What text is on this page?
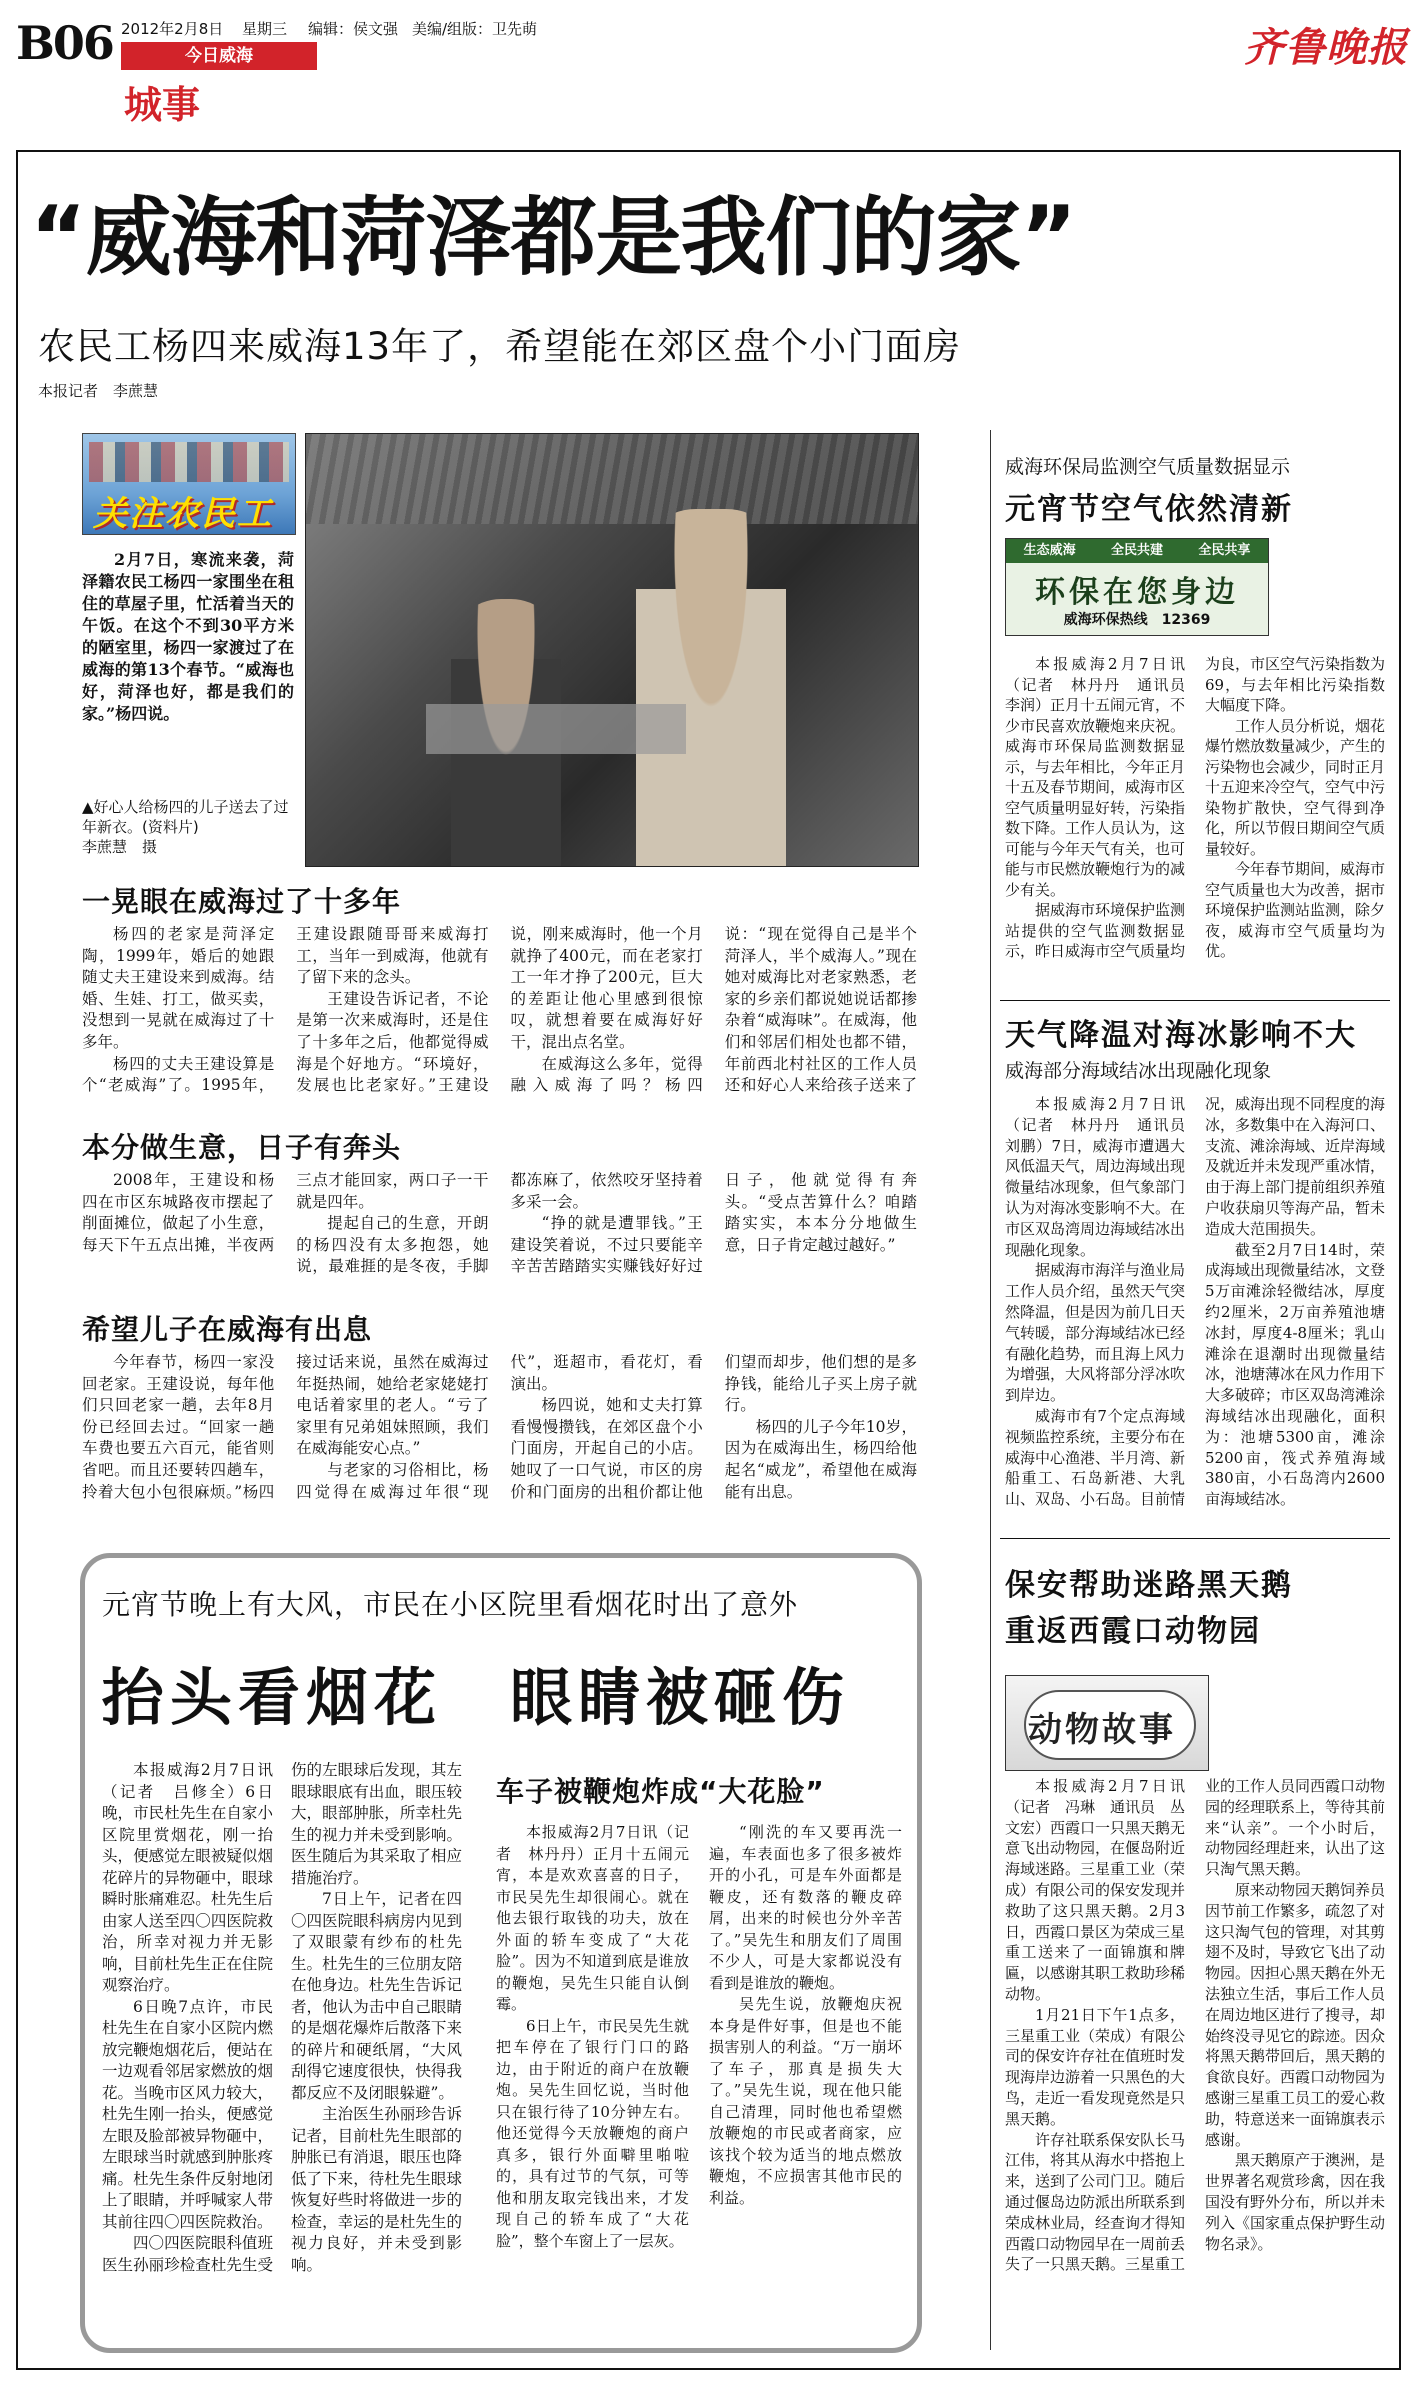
B06 2012年2月8日 星期三 编辑：侯文强 美编/组版：卫先萌
今日威海
城事
齐鲁晚报
“威海和菏泽都是我们的家”
农民工杨四来威海13年了，希望能在郊区盘个小门面房
本报记者　李蔗慧
关注农民工

2月7日，寒流来袭，菏泽籍农民工杨四一家围坐在租住的草屋子里，忙活着当天的午饭。在这个不到30平方米的陋室里，杨四一家渡过了在威海的第13个春节。“威海也好，菏泽也好，都是我们的家。”杨四说。

▲好心人给杨四的儿子送去了过年新衣。(资料片)

李蔗慧　摄

一晃眼在威海过了十多年

杨四的老家是菏泽定陶，1999年，婚后的她跟随丈夫王建设来到威海。结婚、生娃、打工，做买卖，没想到一晃就在威海过了十多年。

杨四的丈夫王建设算是个“老威海”了。1995年，王建设跟随哥哥来威海打工，当年一到威海，他就有了留下来的念头。

王建设告诉记者，不论是第一次来威海时，还是住了十多年之后，他都觉得威海是个好地方。“环境好，发展也比老家好。”王建设说，刚来威海时，他一个月就挣了400元，而在老家打工一年才挣了200元，巨大的差距让他心里感到很惊叹，就想着要在威海好好干，混出点名堂。

在威海这么多年，觉得融入威海了吗？杨四说：“现在觉得自己是半个菏泽人，半个威海人。”现在她对威海比对老家熟悉，老家的乡亲们都说她说话都掺杂着“威海味”。在威海，他们和邻居们相处也都不错，年前西北村社区的工作人员还和好心人来给孩子送来了

本分做生意，日子有奔头

2008年，王建设和杨四在市区东城路夜市摆起了削面摊位，做起了小生意，每天下午五点出摊，半夜两三点才能回家，两口子一干就是四年。

提起自己的生意，开朗的杨四没有太多抱怨，她说，最难捱的是冬夜，手脚都冻麻了，依然咬牙坚持着多采一会。

“挣的就是遭罪钱。”王建设笑着说，不过只要能辛辛苦苦踏踏实实赚钱好好过日子，他就觉得有奔头。“受点苦算什么？咱踏踏实实，本本分分地做生意，日子肯定越过越好。”

希望儿子在威海有出息

今年春节，杨四一家没回老家。王建设说，每年他们只回老家一趟，去年8月份已经回去过。“回家一趟车费也要五六百元，能省则省吧。而且还要转四趟车，拎着大包小包很麻烦。”杨四接过话来说，虽然在威海过年挺热闹，她给老家姥姥打电话着家里的老人。“亏了家里有兄弟姐妹照顾，我们在威海能安心点。”

与老家的习俗相比，杨四觉得在威海过年很“现代”，逛超市，看花灯，看演出。

杨四说，她和丈夫打算看慢慢攒钱，在郊区盘个小门面房，开起自己的小店。她叹了一口气说，市区的房价和门面房的出租价都让他们望而却步，他们想的是多挣钱，能给儿子买上房子就行。

杨四的儿子今年10岁，因为在威海出生，杨四给他起名“威龙”，希望他在威海能有出息。

威海环保局监测空气质量数据显示
元宵节空气依然清新
生态威海	全民共建	全民共享
环保在您身边
威海环保热线　12369

本报威海2月7日讯（记者　林丹丹　通讯员　李润）正月十五闹元宵，不少市民喜欢放鞭炮来庆祝。威海市环保局监测数据显示，与去年相比，今年正月十五及春节期间，威海市区空气质量明显好转，污染指数下降。工作人员认为，这可能与今年天气有关，也可能与市民燃放鞭炮行为的减少有关。

据威海市环境保护监测站提供的空气监测数据显示，昨日威海市空气质量均为良，市区空气污染指数为69，与去年相比污染指数大幅度下降。

工作人员分析说，烟花爆竹燃放数量减少，产生的污染物也会减少，同时正月十五迎来冷空气，空气中污染物扩散快，空气得到净化，所以节假日期间空气质量较好。

今年春节期间，威海市空气质量也大为改善，据市环境保护监测站监测，除夕夜，威海市空气质量均为优。

天气降温对海冰影响不大
威海部分海域结冰出现融化现象

本报威海2月7日讯（记者　林丹丹　通讯员　刘鹏）7日，威海市遭遇大风低温天气，周边海域出现微量结冰现象，但气象部门认为对海冰变影响不大。在市区双岛湾周边海域结冰出现融化现象。

据威海市海洋与渔业局工作人员介绍，虽然天气突然降温，但是因为前几日天气转暖，部分海域结冰已经有融化趋势，而且海上风力为增强，大风将部分浮冰吹到岸边。

威海市有7个定点海域视频监控系统，主要分布在威海中心渔港、半月湾、新船重工、石岛新港、大乳山、双岛、小石岛。目前情况，威海出现不同程度的海冰，多数集中在入海河口、支流、滩涂海域、近岸海域及就近并未发现严重冰情，由于海上部门提前组织养殖户收获扇贝等海产品，暂未造成大范围损失。

截至2月7日14时，荣成海域出现微量结冰，文登5万亩滩涂轻微结冰，厚度约2厘米，2万亩养殖池塘冰封，厚度4-8厘米；乳山滩涂在退潮时出现微量结冰，池塘薄冰在风力作用下大多破碎；市区双岛湾滩涂海域结冰出现融化，面积为：池塘5300亩，滩涂5200亩，筏式养殖海域380亩，小石岛湾内2600亩海域结冰。

保安帮助迷路黑天鹅
重返西霞口动物园
动物故事

本报威海2月7日讯（记者　冯琳　通讯员　丛文宏）西霞口一只黑天鹅无意飞出动物园，在偃岛附近海域迷路。三星重工业（荣成）有限公司的保安发现并救助了这只黑天鹅。2月3日，西霞口景区为荣成三星重工送来了一面锦旗和牌匾，以感谢其职工救助珍稀动物。

1月21日下午1点多，三星重工业（荣成）有限公司的保安许存社在值班时发现海岸边游着一只黑色的大鸟，走近一看发现竟然是只黑天鹅。

许存社联系保安队长马江伟，将其从海水中搭抱上来，送到了公司门卫。随后通过偃岛边防派出所联系到荣成林业局，经查询才得知西霞口动物园早在一周前丢失了一只黑天鹅。三星重工业的工作人员同西霞口动物园的经理联系上，等待其前来“认亲”。一个小时后，动物园经理赶来，认出了这只淘气黑天鹅。

原来动物园天鹅饲养员因节前工作繁多，疏忽了对这只淘气包的管理，对其剪翅不及时，导致它飞出了动物园。因担心黑天鹅在外无法独立生活，事后工作人员在周边地区进行了搜寻，却始终没寻见它的踪迹。因众将黑天鹅带回后，黑天鹅的食欲良好。西霞口动物园为感谢三星重工员工的爱心救助，特意送来一面锦旗表示感谢。

黑天鹅原产于澳洲，是世界著名观赏珍禽，因在我国没有野外分布，所以并未列入《国家重点保护野生动物名录》。

元宵节晚上有大风，市民在小区院里看烟花时出了意外
抬头看烟花　眼睛被砸伤

本报威海2月7日讯（记者　吕修全）6日晚，市民杜先生在自家小区院里赏烟花，刚一抬头，便感觉左眼被疑似烟花碎片的异物砸中，眼球瞬时胀痛难忍。杜先生后由家人送至四〇四医院救治，所幸对视力并无影响，目前杜先生正在住院观察治疗。

6日晚7点许，市民杜先生在自家小区院内燃放完鞭炮烟花后，便站在一边观看邻居家燃放的烟花。当晚市区风力较大，杜先生刚一抬头，便感觉左眼及脸部被异物砸中，左眼球当时就感到肿胀疼痛。杜先生条件反射地闭上了眼睛，并呼喊家人带其前往四〇四医院救治。

四〇四医院眼科值班医生孙丽珍检查杜先生受伤的左眼球后发现，其左眼球眼底有出血，眼压较大，眼部肿胀，所幸杜先生的视力并未受到影响。医生随后为其采取了相应措施治疗。

7日上午，记者在四〇四医院眼科病房内见到了双眼蒙有纱布的杜先生。杜先生的三位朋友陪在他身边。杜先生告诉记者，他认为击中自己眼睛的是烟花爆炸后散落下来的碎片和硬纸屑，“大风刮得它速度很快，快得我都反应不及闭眼躲避”。

主治医生孙丽珍告诉记者，目前杜先生眼部的肿胀已有消退，眼压也降低了下来，待杜先生眼球恢复好些时将做进一步的检查，幸运的是杜先生的视力良好，并未受到影响。

车子被鞭炮炸成“大花脸”

本报威海2月7日讯（记者　林丹丹）正月十五闹元宵，本是欢欢喜喜的日子，市民吴先生却很闹心。就在他去银行取钱的功夫，放在外面的轿车变成了“大花脸”。因为不知道到底是谁放的鞭炮，吴先生只能自认倒霉。

6日上午，市民吴先生就把车停在了银行门口的路边，由于附近的商户在放鞭炮。吴先生回忆说，当时他只在银行待了10分钟左右。他还觉得今天放鞭炮的商户真多，银行外面噼里啪啦的，具有过节的气氛，可等他和朋友取完钱出来，才发现自己的轿车成了“大花脸”，整个车窗上了一层灰。

“刚洗的车又要再洗一遍，车表面也多了很多被炸开的小孔，可是车外面都是鞭皮，还有数落的鞭皮碎屑，出来的时候也分外辛苦了。”吴先生和朋友们了周围不少人，可是大家都说没有看到是谁放的鞭炮。

吴先生说，放鞭炮庆祝本身是件好事，但是也不能损害别人的利益。“万一崩坏了车子，那真是损失大了。”吴先生说，现在他只能自己清理，同时他也希望燃放鞭炮的市民或者商家，应该找个较为适当的地点燃放鞭炮，不应损害其他市民的利益。
